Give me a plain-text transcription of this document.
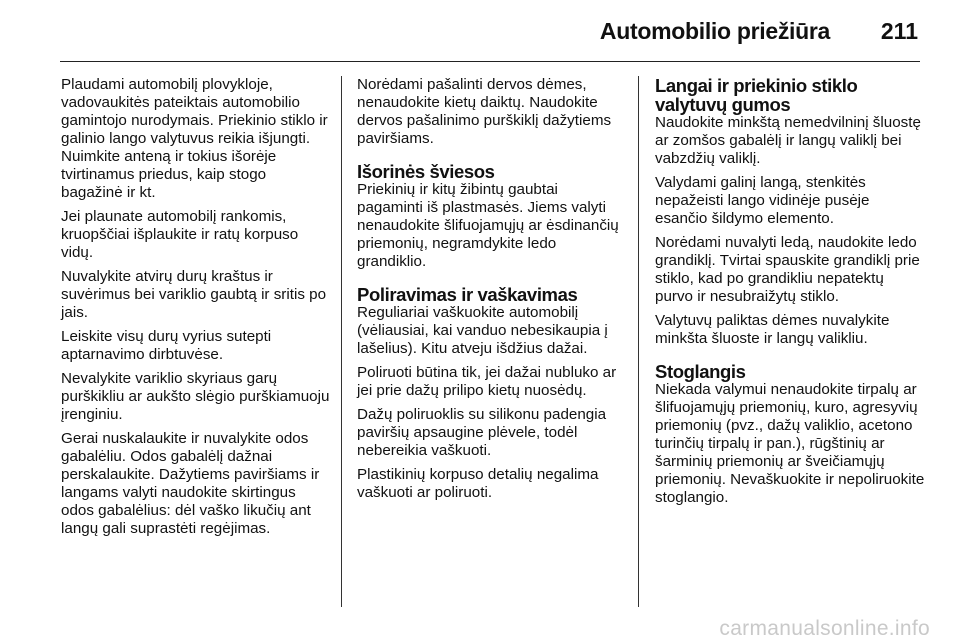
Automobilio priežiūra 211

Plaudami automobilį plovykloje, vadovaukitės pateiktais automobilio gamintojo nurodymais. Priekinio stiklo ir galinio lango valytuvus reikia išjungti. Nuimkite anteną ir tokius išorėje tvirtinamus priedus, kaip stogo bagažinė ir kt.

Jei plaunate automobilį rankomis, kruopščiai išplaukite ir ratų korpuso vidų.

Nuvalykite atvirų durų kraštus ir suvėrimus bei variklio gaubtą ir sritis po jais.

Leiskite visų durų vyrius sutepti aptarnavimo dirbtuvėse.

Nevalykite variklio skyriaus garų purškikliu ar aukšto slėgio purškiamuoju įrenginiu.

Gerai nuskalaukite ir nuvalykite odos gabalėliu. Odos gabalėlį dažnai perskalaukite. Dažytiems paviršiams ir langams valyti naudokite skirtingus odos gabalėlius: dėl vaško likučių ant langų gali suprastėti regėjimas.

Norėdami pašalinti dervos dėmes, nenaudokite kietų daiktų. Naudokite dervos pašalinimo purškiklį dažytiems paviršiams.

Išorinės šviesos

Priekinių ir kitų žibintų gaubtai pagaminti iš plastmasės. Jiems valyti nenaudokite šlifuojamųjų ar ėsdinančių priemonių, negramdykite ledo grandiklio.

Poliravimas ir vaškavimas

Reguliariai vaškuokite automobilį (vėliausiai, kai vanduo nebesikaupia į lašelius). Kitu atveju išdžius dažai.

Poliruoti būtina tik, jei dažai nubluko ar jei prie dažų prilipo kietų nuosėdų.

Dažų poliruoklis su silikonu padengia paviršių apsaugine plėvele, todėl nebereikia vaškuoti.

Plastikinių korpuso detalių negalima vaškuoti ar poliruoti.

Langai ir priekinio stiklo valytuvų gumos

Naudokite minkštą nemedvilninį šluostę ar zomšos gabalėlį ir langų valiklį bei vabzdžių valiklį.

Valydami galinį langą, stenkitės nepažeisti lango vidinėje pusėje esančio šildymo elemento.

Norėdami nuvalyti ledą, naudokite ledo grandiklį. Tvirtai spauskite grandiklį prie stiklo, kad po grandikliu nepatektų purvo ir nesubraižytų stiklo.

Valytuvų paliktas dėmes nuvalykite minkšta šluoste ir langų valikliu.

Stoglangis

Niekada valymui nenaudokite tirpalų ar šlifuojamųjų priemonių, kuro, agresyvių priemonių (pvz., dažų valiklio, acetono turinčių tirpalų ir pan.), rūgštinių ar šarminių priemonių ar šveičiamųjų priemonių. Nevaškuokite ir nepoliruokite stoglangio.

carmanualsonline.info
